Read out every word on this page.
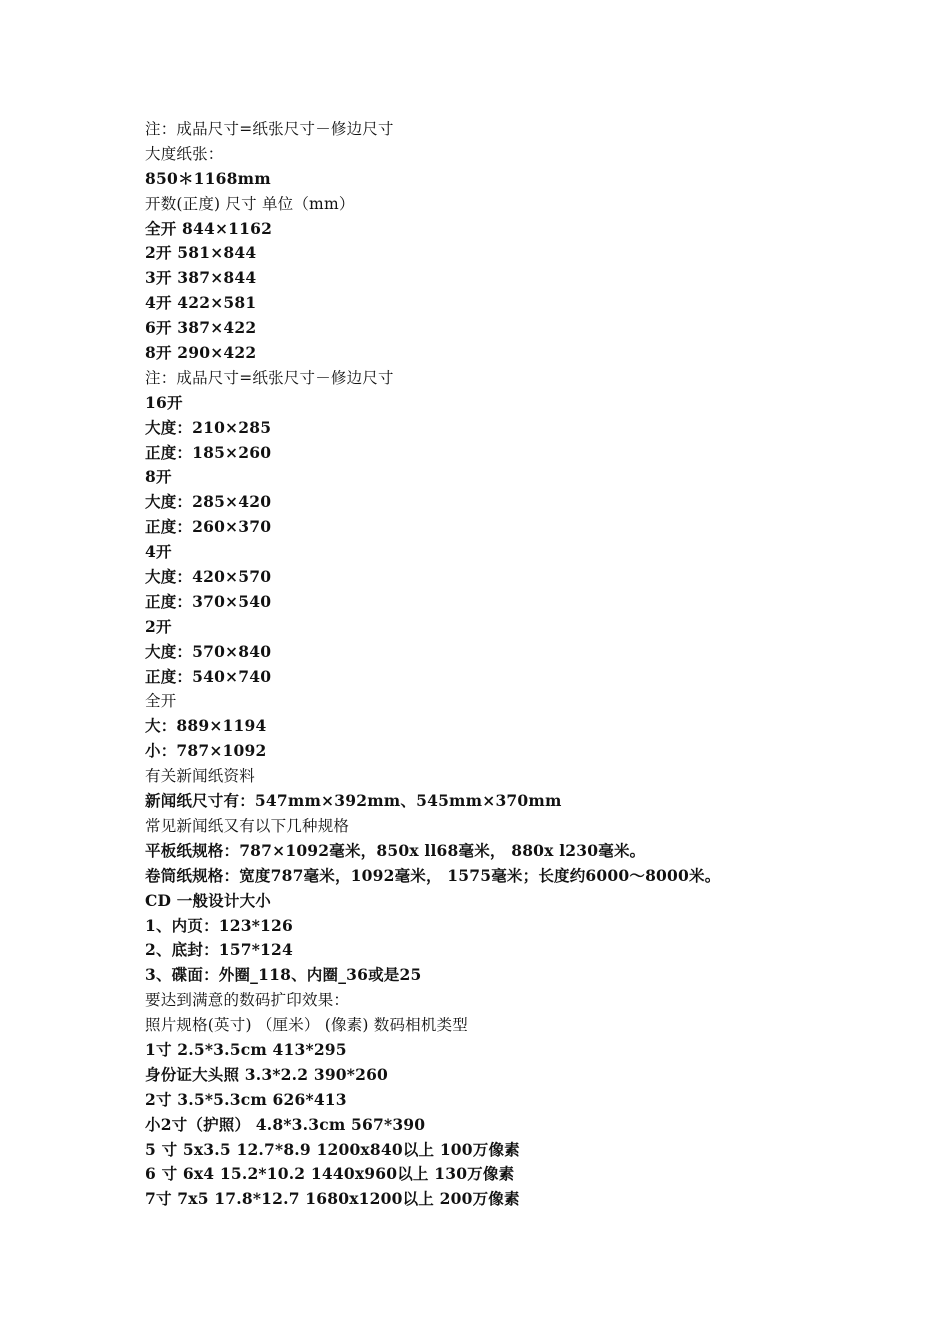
注：成品尺寸=纸张尺寸－修边尺寸
大度纸张：
850＊1168mm
开数(正度) 尺寸 单位（mm）
全开 844×1162
2开 581×844
3开 387×844
4开 422×581
6开 387×422
8开 290×422
注：成品尺寸=纸张尺寸－修边尺寸
16开
大度：210×285
正度：185×260
8开
大度：285×420
正度：260×370
4开
大度：420×570
正度：370×540
2开
大度：570×840
正度：540×740
全开
大：889×1194
小：787×1092
有关新闻纸资料
新闻纸尺寸有：547mm×392mm、545mm×370mm
常见新闻纸又有以下几种规格
平板纸规格：787×1092毫米，850x ll68毫米， 880x l230毫米。
卷筒纸规格：宽度787毫米，1092毫米， 1575毫米；长度约6000～8000米。
CD 一般设计大小
1、内页：123*126
2、底封：157*124
3、碟面：外圈_118、内圈_36或是25
要达到满意的数码扩印效果：
照片规格(英寸) （厘米） (像素) 数码相机类型
1寸 2.5*3.5cm 413*295
身份证大头照 3.3*2.2 390*260
2寸 3.5*5.3cm 626*413
小2寸（护照） 4.8*3.3cm 567*390
5 寸 5x3.5 12.7*8.9 1200x840以上 100万像素
6 寸 6x4 15.2*10.2 1440x960以上 130万像素
7寸 7x5 17.8*12.7 1680x1200以上 200万像素
